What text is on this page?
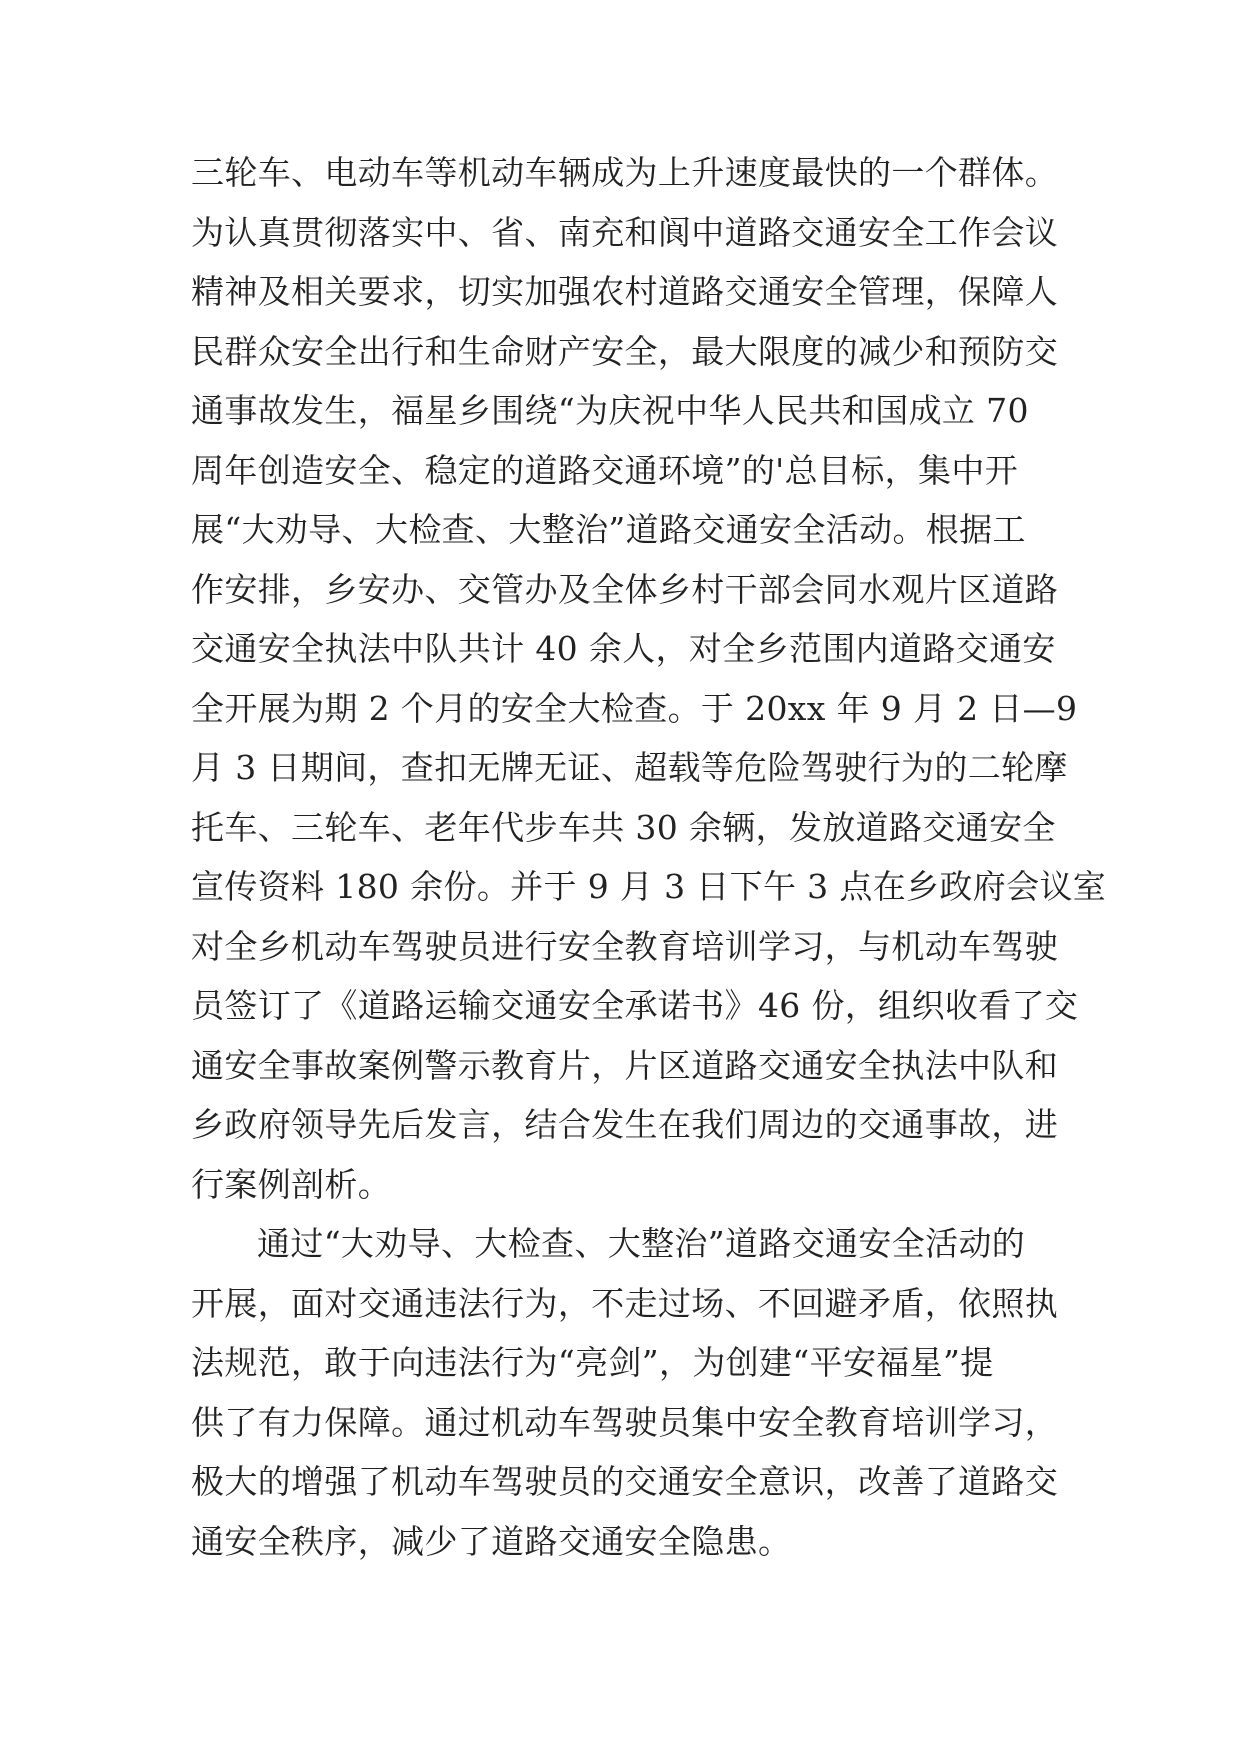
三轮车、电动车等机动车辆成为上升速度最快的一个群体。
为认真贯彻落实中、省、南充和阆中道路交通安全工作会议
精神及相关要求，切实加强农村道路交通安全管理，保障人
民群众安全出行和生命财产安全，最大限度的减少和预防交
通事故发生，福星乡围绕“为庆祝中华人民共和国成立 70
周年创造安全、稳定的道路交通环境”的'总目标，集中开
展“大劝导、大检查、大整治”道路交通安全活动。根据工
作安排，乡安办、交管办及全体乡村干部会同水观片区道路
交通安全执法中队共计 40 余人，对全乡范围内道路交通安
全开展为期 2 个月的安全大检查。于 20xx 年 9 月 2 日—9
月 3 日期间，查扣无牌无证、超载等危险驾驶行为的二轮摩
托车、三轮车、老年代步车共 30 余辆，发放道路交通安全
宣传资料 180 余份。并于 9 月 3 日下午 3 点在乡政府会议室
对全乡机动车驾驶员进行安全教育培训学习，与机动车驾驶
员签订了《道路运输交通安全承诺书》46 份，组织收看了交
通安全事故案例警示教育片，片区道路交通安全执法中队和
乡政府领导先后发言，结合发生在我们周边的交通事故，进
行案例剖析。
通过“大劝导、大检查、大整治”道路交通安全活动的
开展，面对交通违法行为，不走过场、不回避矛盾，依照执
法规范，敢于向违法行为“亮剑”，为创建“平安福星”提
供了有力保障。通过机动车驾驶员集中安全教育培训学习，
极大的增强了机动车驾驶员的交通安全意识，改善了道路交
通安全秩序，减少了道路交通安全隐患。
